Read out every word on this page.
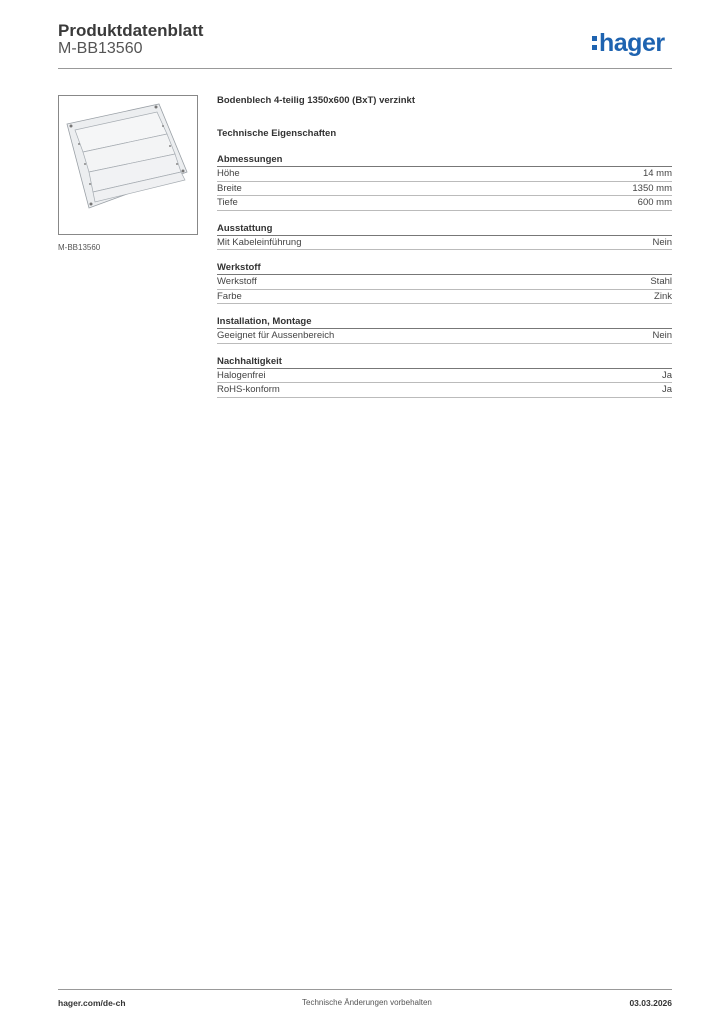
Produktdatenblatt
M-BB13560	hager
M-BB13560
Bodenblech 4-teilig 1350x600 (BxT) verzinkt
Technische Eigenschaften
Abmessungen
Höhe	14 mm
Breite	1350 mm
Tiefe	600 mm
Ausstattung
Mit Kabeleinführung	Nein
Werkstoff
Werkstoff	Stahl
Farbe	Zink
Installation, Montage
Geeignet für Aussenbereich	Nein
Nachhaltigkeit
Halogenfrei	Ja
RoHS-konform	Ja
hager.com/de-ch	Technische Änderungen vorbehalten	03.03.2026
